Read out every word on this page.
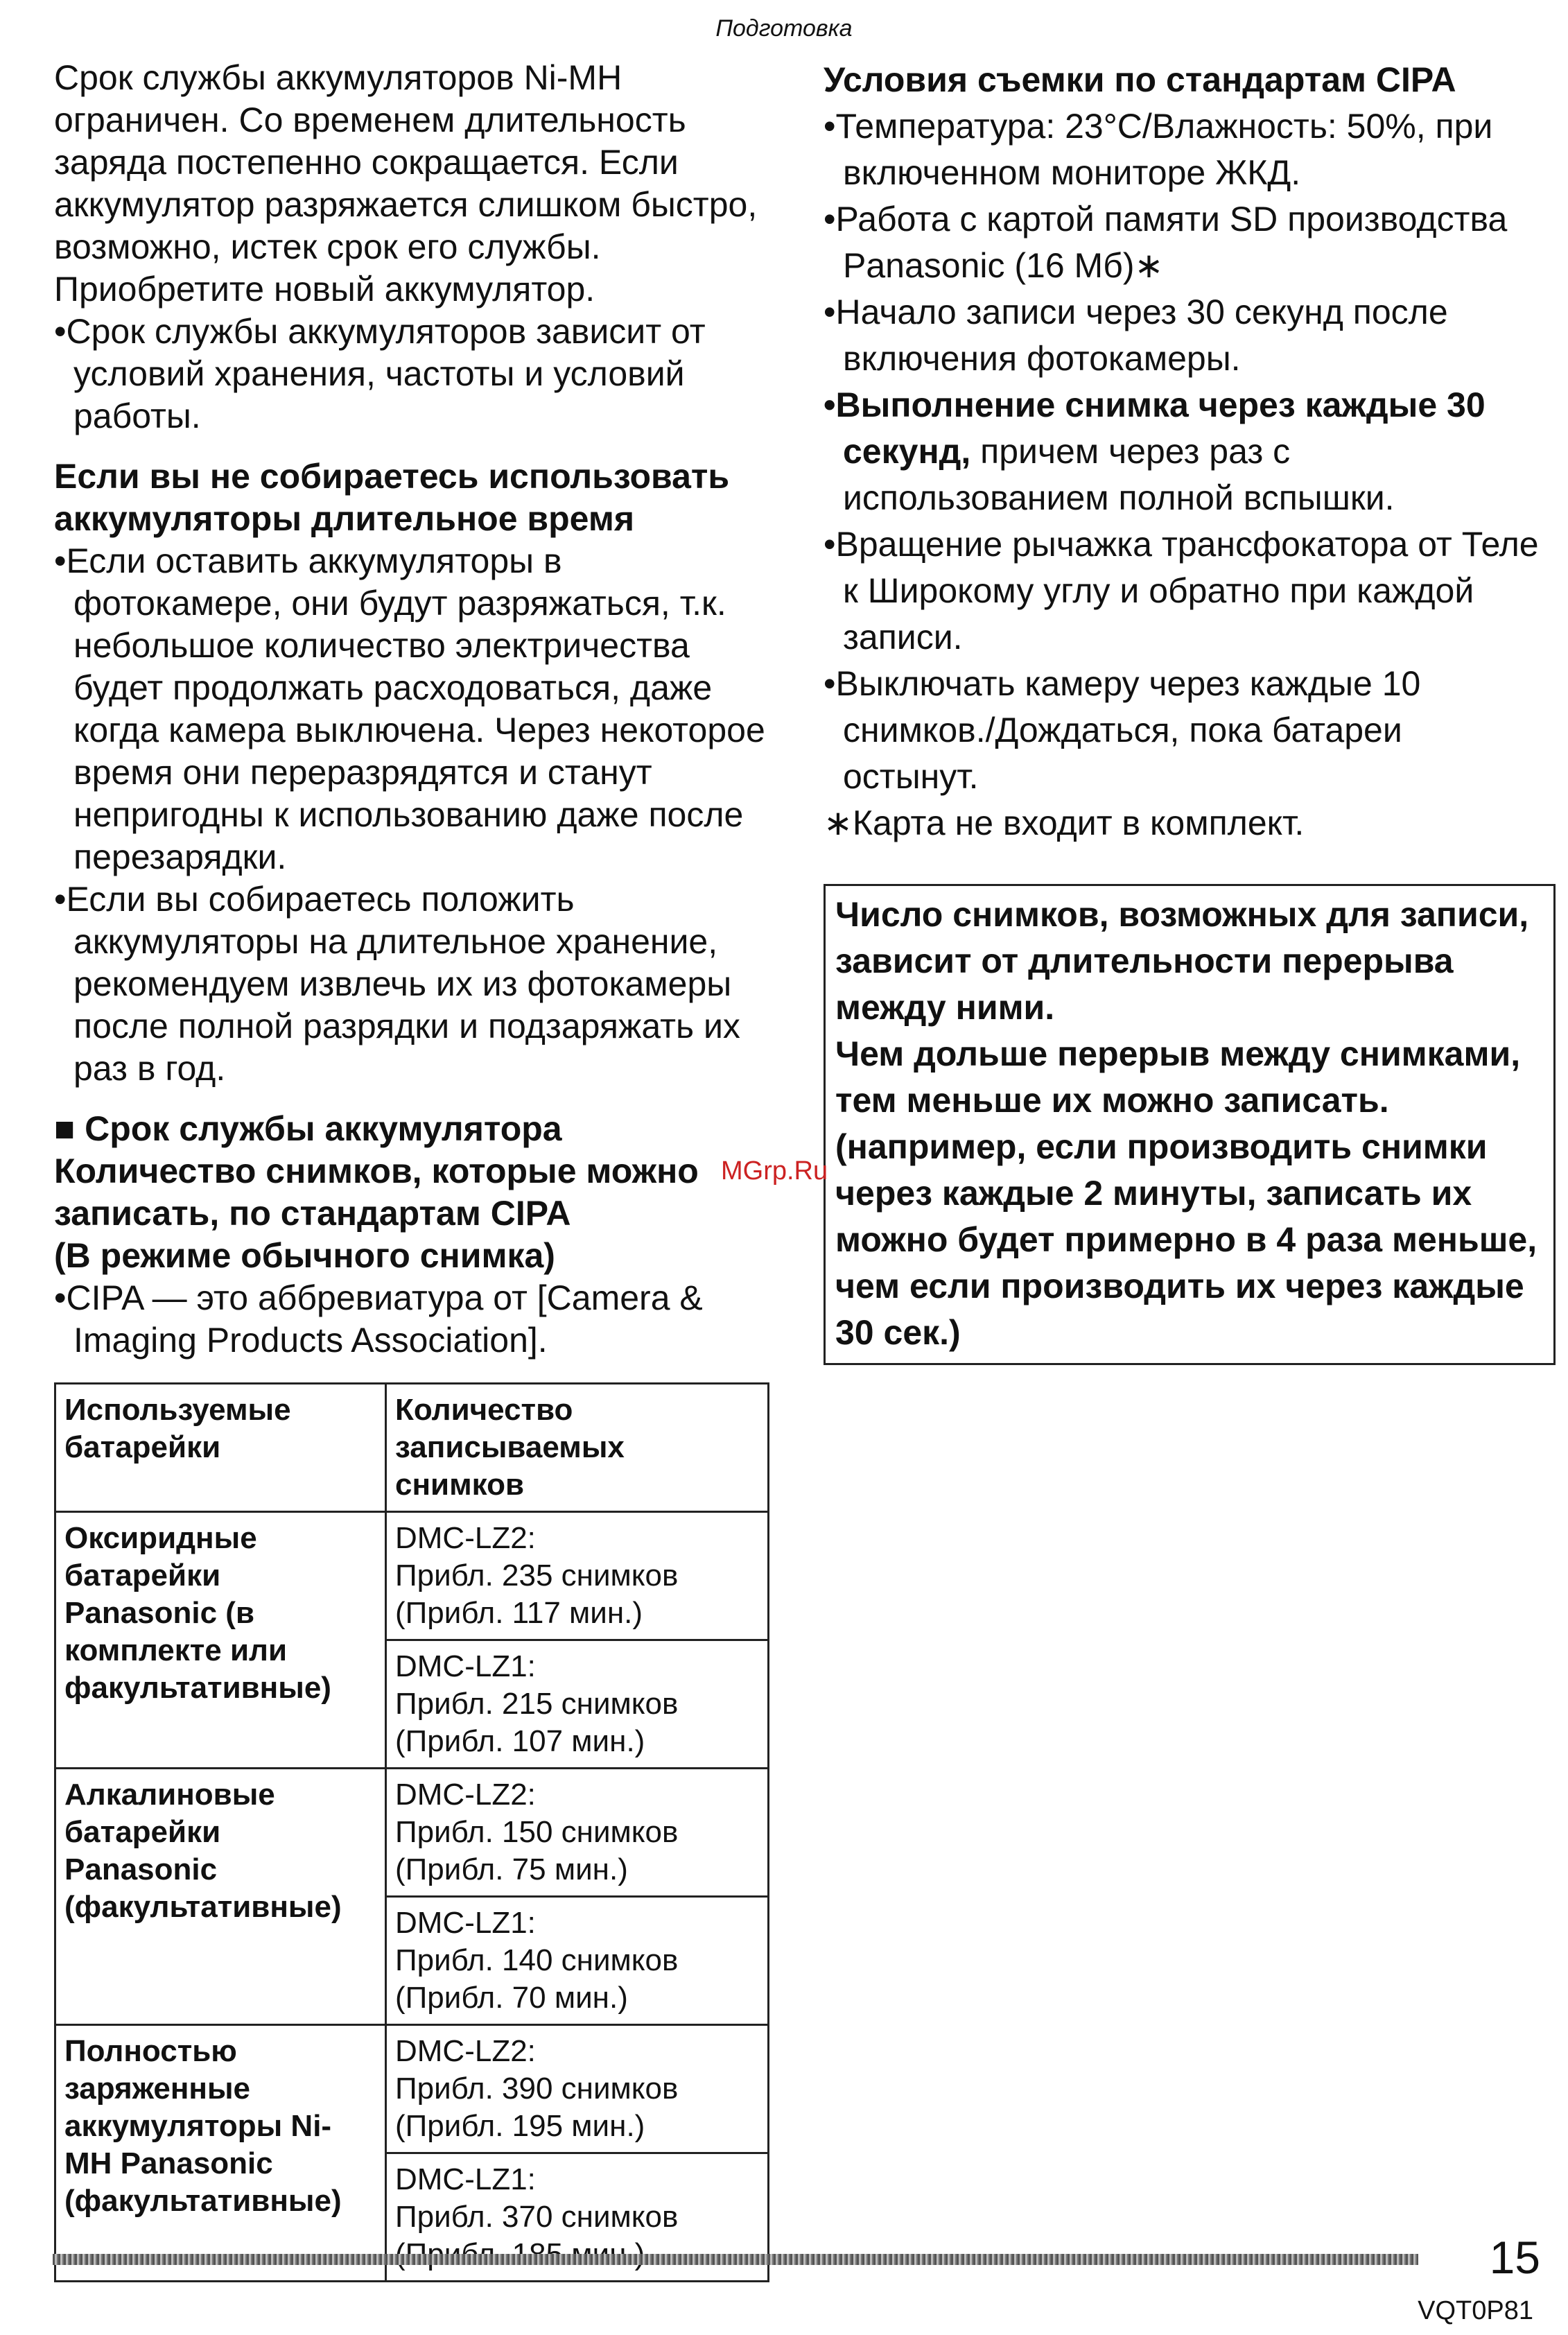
Подготовка

Срок службы аккумуляторов Ni-MH ограничен. Со временем длительность заряда постепенно сокращается. Если аккумулятор разряжается слишком быстро, возможно, истек срок его службы. Приобретите новый аккумулятор.

•Срок службы аккумуляторов зависит от условий хранения, частоты и условий работы.

Если вы не собираетесь использовать аккумуляторы длительное время

•Если оставить аккумуляторы в фотокамере, они будут разряжаться, т.к. небольшое количество электричества будет продолжать расходоваться, даже когда камера выключена. Через некоторое время они переразрядятся и станут непригодны к использованию даже после перезарядки.

•Если вы собираетесь положить аккумуляторы на длительное хранение, рекомендуем извлечь их из фотокамеры после полной разрядки и подзаряжать их раз в год.

■ Срок службы аккумулятора

Количество снимков, которые можно записать, по стандартам CIPA

(В режиме обычного снимка)

•CIPA — это аббревиатура от [Camera & Imaging Products Association].

Используемые батарейки	Количество записываемых снимков
Оксиридные батарейки Panasonic (в комплекте или факультативные)	DMC-LZ2:
Прибл. 235 снимков
(Прибл. 117 мин.)

	DMC-LZ1:
Прибл. 215 снимков
(Прибл. 107 мин.)

Алкалиновые батарейки Panasonic (факультативные)	DMC-LZ2:
Прибл. 150 снимков
(Прибл. 75 мин.)

	DMC-LZ1:
Прибл. 140 снимков
(Прибл. 70 мин.)

Полностью заряженные аккумуляторы Ni-MH Panasonic (факультативные)	DMC-LZ2:
Прибл. 390 снимков
(Прибл. 195 мин.)

	DMC-LZ1:
Прибл. 370 снимков

Условия съемки по стандартам CIPA

•Температура: 23°C/Влажность: 50%, при включенном мониторе ЖКД.

•Работа с картой памяти SD производства Panasonic (16 Мб)∗

•Начало записи через 30 секунд после включения фотокамеры.

•Выполнение снимка через каждые 30 секунд, причем через раз с использованием полной вспышки.

•Вращение рычажка трансфокатора от Теле к Широкому углу и обратно при каждой записи.

•Выключать камеру через каждые 10 снимков./Дождаться, пока батареи остынут.

∗Карта не входит в комплект.

Число снимков, возможных для записи, зависит от длительности перерыва между ними.

Чем дольше перерыв между снимками, тем меньше их можно записать.

(например, если производить снимки через каждые 2 минуты, записать их можно будет примерно в 4 раза меньше, чем если производить их через каждые 30 сек.)

MGrp.Ru
15
VQT0P81
